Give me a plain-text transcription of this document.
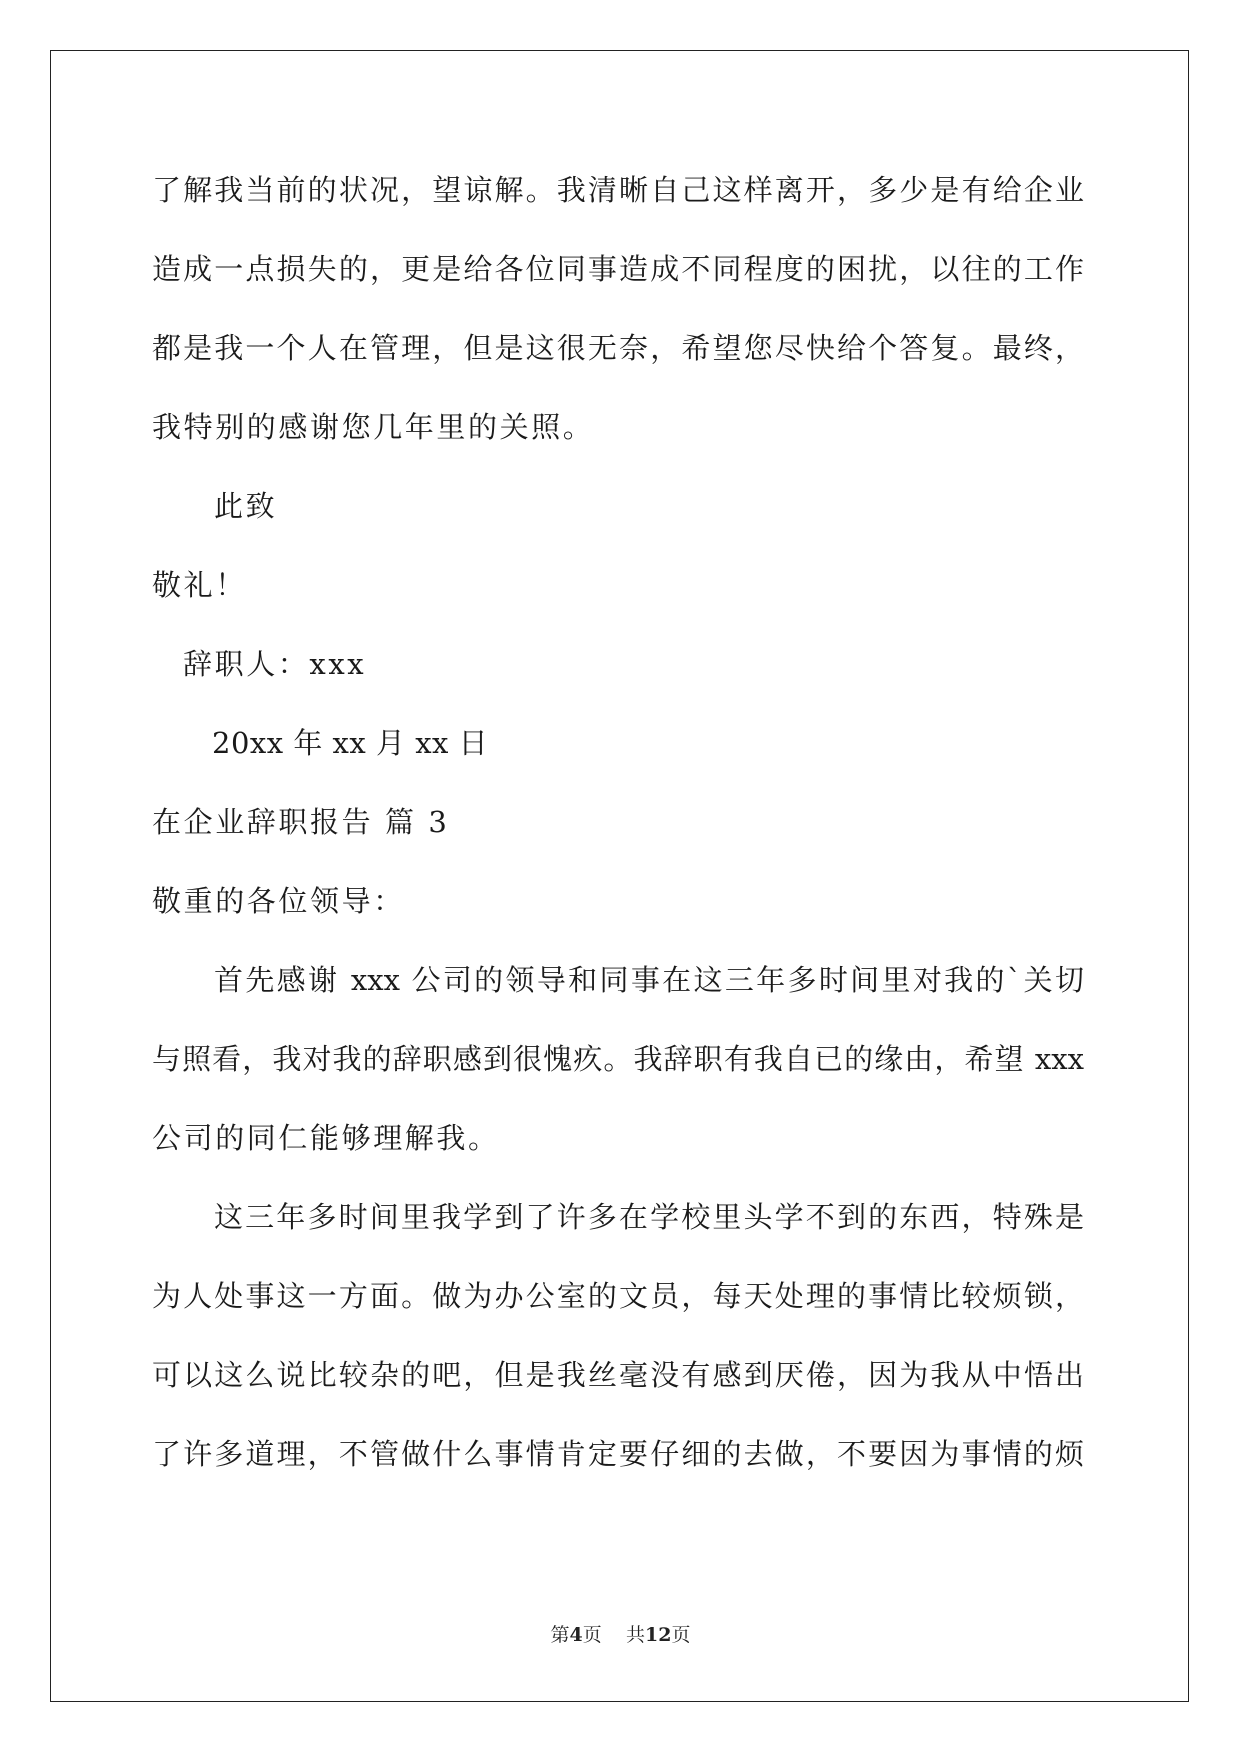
了解我当前的状况，望谅解。我清晰自己这样离开，多少是有给企业
造成一点损失的，更是给各位同事造成不同程度的困扰，以往的工作
都是我一个人在管理，但是这很无奈，希望您尽快给个答复。最终，
我特别的感谢您几年里的关照。
此致
敬礼！
辞职人：xxx
20xx 年 xx 月 xx 日
在企业辞职报告 篇 3
敬重的各位领导：
首先感谢 xxx 公司的领导和同事在这三年多时间里对我的`关切
与照看，我对我的辞职感到很愧疚。我辞职有我自已的缘由，希望 xxx
公司的同仁能够理解我。
这三年多时间里我学到了许多在学校里头学不到的东西，特殊是
为人处事这一方面。做为办公室的文员，每天处理的事情比较烦锁，
可以这么说比较杂的吧，但是我丝毫没有感到厌倦，因为我从中悟出
了许多道理，不管做什么事情肯定要仔细的去做，不要因为事情的烦
第4页 共12页
